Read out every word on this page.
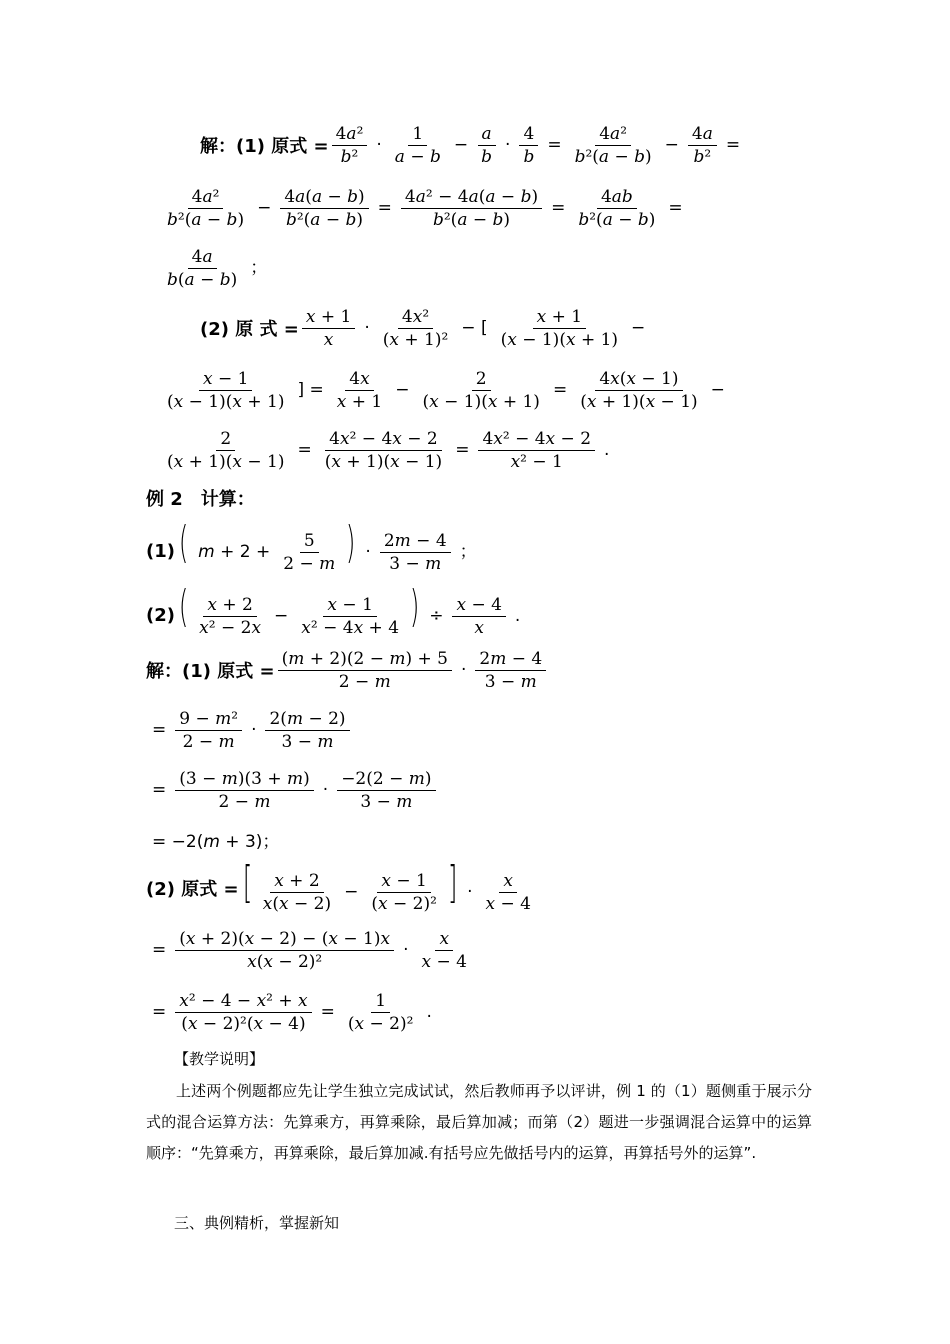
解：(1) 原式 = $\frac{\text{4a²}}{\text{b²}} \cdot \frac{1}{a - b} - \frac{a}{b} \cdot \frac{4}{b} = \frac{\text{4a²}}{\text{b²(a − b)}} - \frac{4a}{\text{b²}}$ =
$\frac{\text{4a²}}{\text{b²(a − b)}} - \frac{4a(a - b)}{\text{b²(a − b)}} = \frac{\text{4a² − 4a(a − b)}}{\text{b²(a − b)}} = \frac{4ab}{\text{b²(a − b)}}$ =
$\frac{4a}{b(a - b)}$ ；
(2) 原 式 = $\frac{x + 1}{x} \cdot \frac{\text{4x²}}{\text{(x + 1)²}}$ − [ $\frac{x + 1}{(x - 1)(x + 1)}$ −
$\frac{x - 1}{(x - 1)(x + 1)}$ ] = $\frac{4x}{x + 1} - \frac{2}{(x - 1)(x + 1)} = \frac{4x(x - 1)}{(x + 1)(x - 1)}$ −
$\frac{2}{(x + 1)(x - 1)} = \frac{\text{4x² − 4x − 2}}{(x + 1)(x - 1)} = \frac{\text{4x² − 4x − 2}}{\text{x² − 1}}$ .
例 2　计算：
(1)( $m + 2 + \frac{5}{2 - m}$ ) · $\frac{2m - 4}{3 - m}$ ；
$(2)( \frac{x + 2}{\text{x² − 2x}} - \frac{x - 1}{\text{x² − 4x + 4}}$ ) ÷ $\frac{x - 4}{x}$ .
解：(1) 原式 = $\frac{(m + 2)(2 - m) + 5}{2 - m} \cdot \frac{2m - 4}{3 - m}$
= $\frac{\text{9 − m²}}{2 - m} \cdot \frac{2(m - 2)}{3 - m}$
= $\frac{(3 - m)(3 + m)}{2 - m} \cdot \frac{-2(2 - m)}{3 - m}$
= −2(m + 3)；
(2) 原式 = [ $\frac{x + 2}{x(x - 2)} - \frac{x - 1}{\text{(x − 2)²}}$ ] · $\frac{x}{x - 4}$
= $\frac{(x + 2)(x - 2) - (x - 1)x}{\text{x(x − 2)²}} \cdot \frac{x}{x - 4}$
= $\frac{\text{x² − 4 − x² + x}}{\text{(x − 2)²(x − 4)}} = \frac{1}{\text{(x − 2)²}}$ .
【教学说明】
上述两个例题都应先让学生独立完成试试，然后教师再予以评讲，例 1 的（1）题侧重于展示分式的混合运算方法：先算乘方，再算乘除，最后算加减；而第（2）题进一步强调混合运算中的运算顺序：“先算乘方，再算乘除，最后算加减.有括号应先做括号内的运算，再算括号外的运算”.
三、典例精析，掌握新知
